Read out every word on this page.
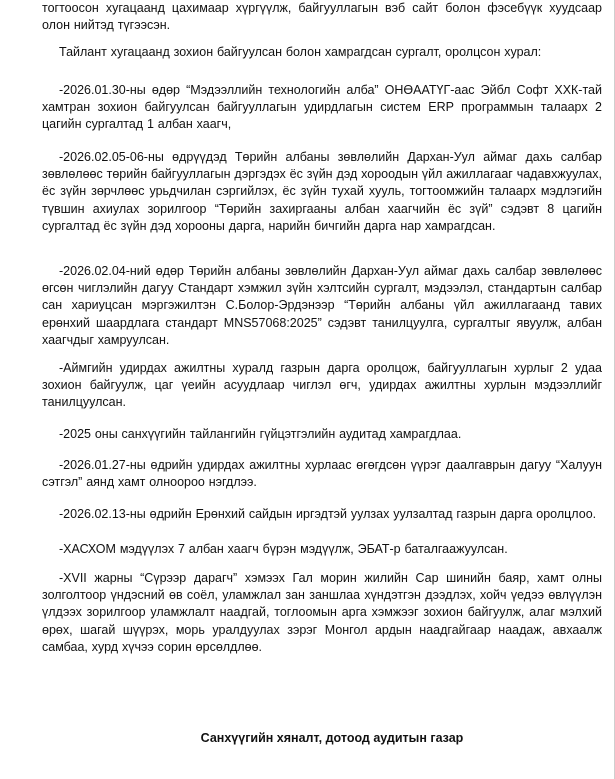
тогтоосон хугацаанд цахимаар хүргүүлж, байгууллагын вэб сайт болон фэсебүүк хуудсаар олон нийтэд түгээсэн.

Тайлант хугацаанд зохион байгуулсан болон хамрагдсан сургалт, оролцсон хурал:

-2026.01.30-ны өдөр “Мэдээллийн технологийн алба” ОНӨААТҮГ-аас Эйбл Софт ХХК-тай хамтран зохион байгуулсан байгууллагын удирдлагын систем ERP программын талаарх 2 цагийн сургалтад 1 албан хаагч,

-2026.02.05-06-ны өдрүүдэд Төрийн албаны зөвлөлийн Дархан-Уул аймаг дахь салбар зөвлөлөөс төрийн байгууллагын дэргэдэх ёс зүйн дэд хороодын үйл ажиллагааг чадавхжуулах, ёс зүйн зөрчлөөс урьдчилан сэргийлэх, ёс зүйн тухай хууль, тогтоомжийн талаарх мэдлэгийн түвшин ахиулах зорилгоор “Төрийн захиргааны албан хаагчийн ёс зүй” сэдэвт 8 цагийн сургалтад ёс зүйн дэд хорооны дарга, нарийн бичгийн дарга нар хамрагдсан.

-2026.02.04-ний өдөр Төрийн албаны зөвлөлийн Дархан-Уул аймаг дахь салбар зөвлөлөөс өгсөн чиглэлийн дагуу Стандарт хэмжил зүйн хэлтсийн сургалт, мэдээлэл, стандартын салбар сан хариуцсан мэргэжилтэн С.Болор-Эрдэнээр “Төрийн албаны үйл ажиллагаанд тавих ерөнхий шаардлага стандарт MNS57068:2025” сэдэвт танилцуулга, сургалтыг явуулж, албан хаагчдыг хамруулсан.

-Аймгийн удирдах ажилтны хуралд газрын дарга оролцож, байгууллагын хурлыг 2 удаа зохион байгуулж, цаг үеийн асуудлаар чиглэл өгч, удирдах ажилтны хурлын мэдээллийг танилцуулсан.

-2025 оны санхүүгийн тайлангийн гүйцэтгэлийн аудитад хамрагдлаа.

-2026.01.27-ны өдрийн удирдах ажилтны хурлаас өгөгдсөн үүрэг даалгаврын дагуу “Халуун сэтгэл” аянд хамт олноороо нэгдлээ.

-2026.02.13-ны өдрийн Ерөнхий сайдын иргэдтэй уулзах уулзалтад газрын дарга оролцлоо.

-ХАСХОМ мэдүүлэх 7 албан хаагч бүрэн мэдүүлж, ЭБАТ-р баталгаажуулсан.

-XVII жарны “Сүрээр дарагч” хэмээх Гал морин жилийн Сар шинийн баяр, хамт олны золголтоор үндэсний өв соёл, уламжлал зан заншлаа хүндэтгэн дээдлэх, хойч үедээ өвлүүлэн үлдээх зорилгоор уламжлалт наадгай, тоглоомын арга хэмжээг зохион байгуулж, алаг мэлхий өрөх, шагай шүүрэх, морь уралдуулах зэрэг Монгол ардын наадгайгаар наадаж, авхаалж самбаа, хурд хүчээ сорин өрсөлдлөө.

Санхүүгийн хяналт, дотоод аудитын газар
